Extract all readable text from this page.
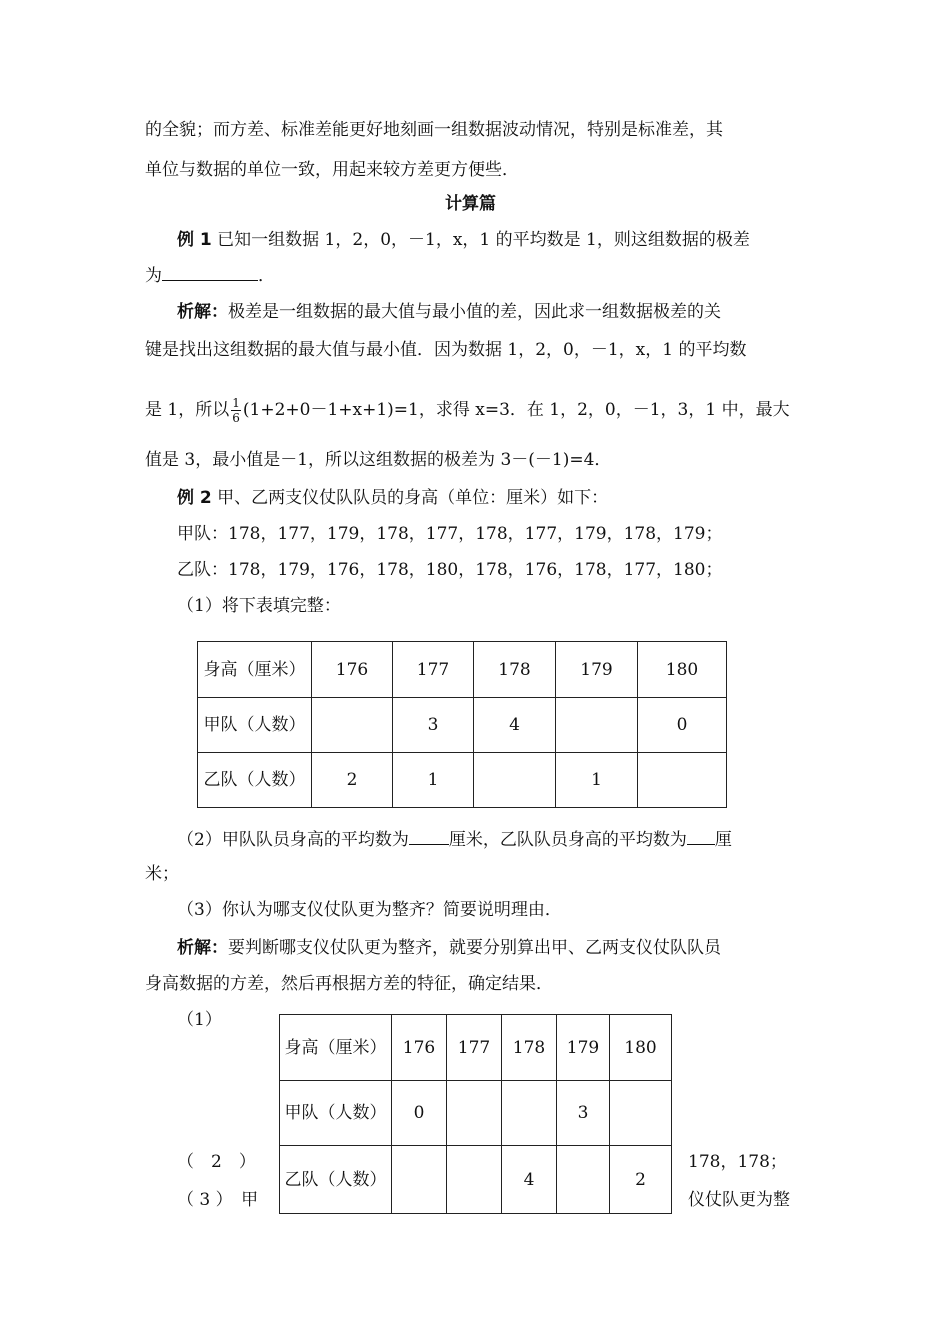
的全貌；而方差、标准差能更好地刻画一组数据波动情况，特别是标准差，其
单位与数据的单位一致，用起来较方差更方便些．
计算篇
例 1 已知一组数据 1，2，0，－1，x，1 的平均数是 1，则这组数据的极差
为	．
析解：极差是一组数据的最大值与最小值的差，因此求一组数据极差的关
键是找出这组数据的最大值与最小值．因为数据 1，2，0，－1，x，1 的平均数
是 1，所以 $\frac{1}{6} (1+2+0-1+x+1)=1$，求得 x=3．在 1，2，0，－1，3，1 中，最大
值是 3，最小值是－1，所以这组数据的极差为 3－(－1)=4．
例 2 甲、乙两支仪仗队队员的身高（单位：厘米）如下：
甲队：178，177，179，178，177，178，177，179，178，179；
乙队：178，179，176，178，180，178，176，178，177，180；
（1）将下表填完整：
身高（厘米）	176	177	178	179	180
甲队（人数）		3	4		0
乙队（人数）	2	1		1	
（2）甲队队员身高的平均数为 厘米，乙队队员身高的平均数为 厘
米；
（3）你认为哪支仪仗队更为整齐？简要说明理由．
析解：要判断哪支仪仗队更为整齐，就要分别算出甲、乙两支仪仗队队员
身高数据的方差，然后再根据方差的特征，确定结果．
（1）
（　2　）
（ 3 ）　甲
178，178；
仪仗队更为整
身高（厘米）	176	177	178	179	180
甲队（人数）	0			3	
乙队（人数）			4		2
